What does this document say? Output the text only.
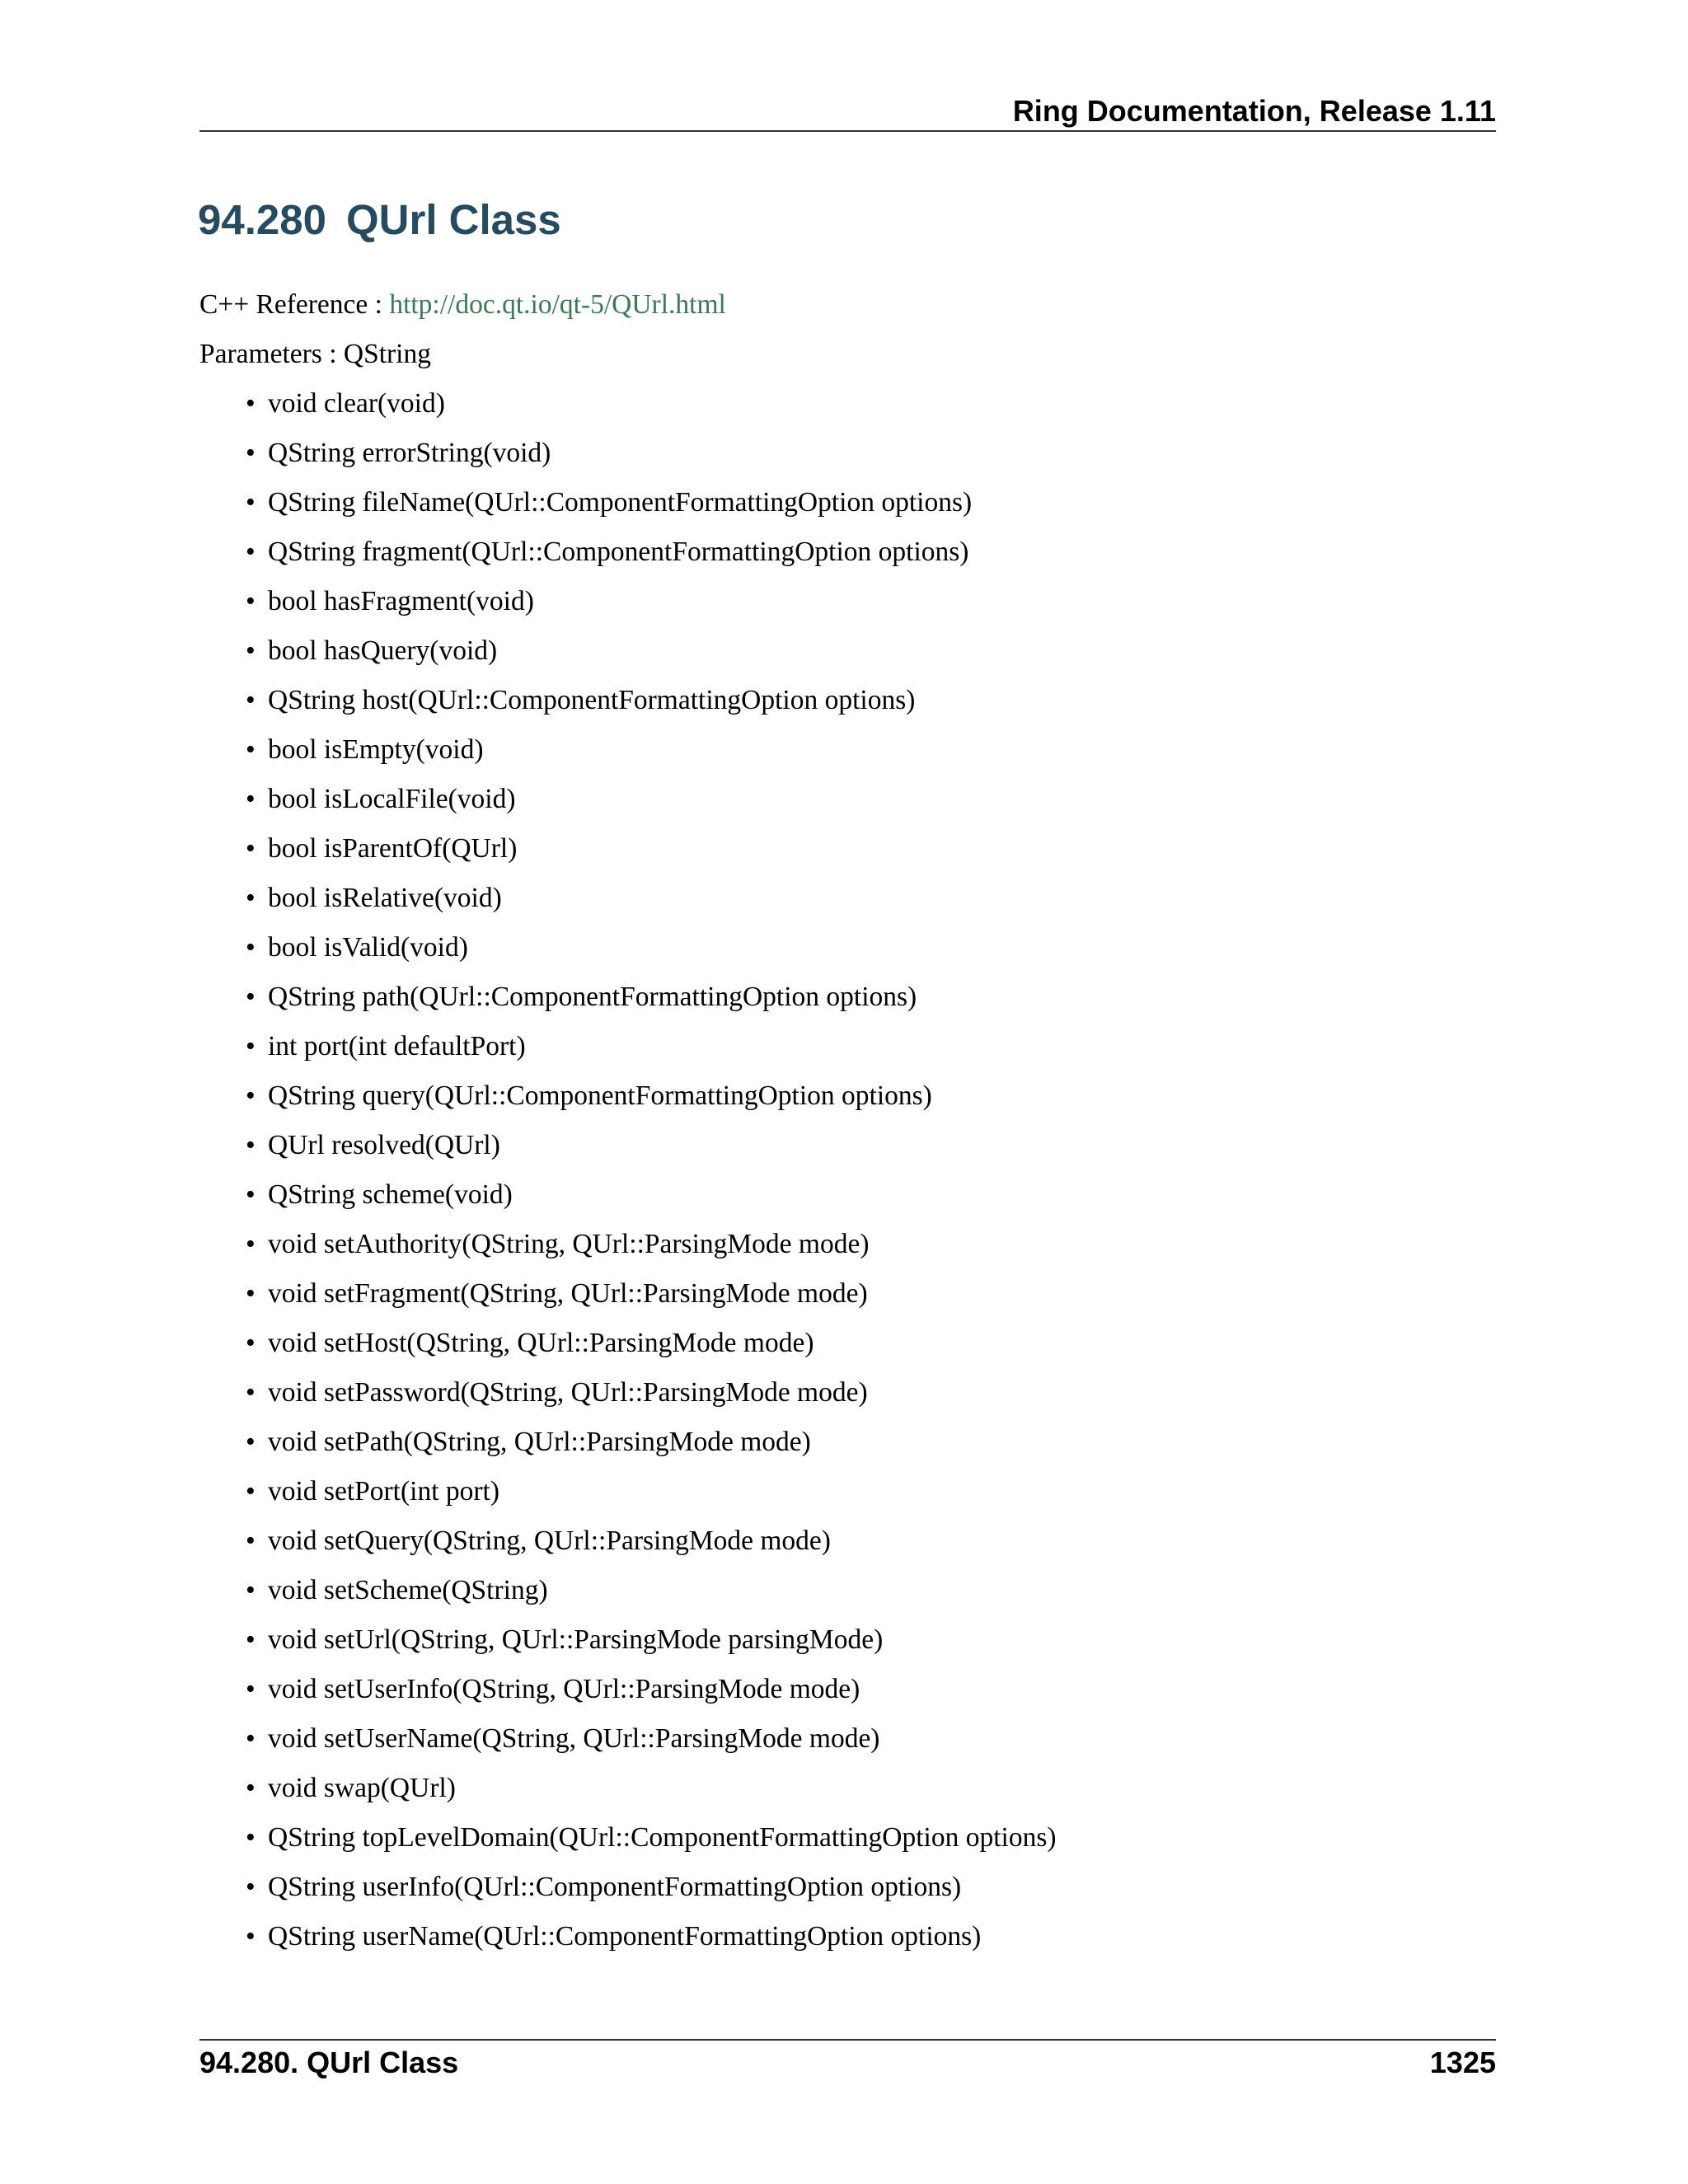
Ring Documentation, Release 1.11
94.280 QUrl Class
C++ Reference : http://doc.qt.io/qt-5/QUrl.html
Parameters : QString
• void clear(void)
• QString errorString(void)
• QString fileName(QUrl::ComponentFormattingOption options)
• QString fragment(QUrl::ComponentFormattingOption options)
• bool hasFragment(void)
• bool hasQuery(void)
• QString host(QUrl::ComponentFormattingOption options)
• bool isEmpty(void)
• bool isLocalFile(void)
• bool isParentOf(QUrl)
• bool isRelative(void)
• bool isValid(void)
• QString path(QUrl::ComponentFormattingOption options)
• int port(int defaultPort)
• QString query(QUrl::ComponentFormattingOption options)
• QUrl resolved(QUrl)
• QString scheme(void)
• void setAuthority(QString, QUrl::ParsingMode mode)
• void setFragment(QString, QUrl::ParsingMode mode)
• void setHost(QString, QUrl::ParsingMode mode)
• void setPassword(QString, QUrl::ParsingMode mode)
• void setPath(QString, QUrl::ParsingMode mode)
• void setPort(int port)
• void setQuery(QString, QUrl::ParsingMode mode)
• void setScheme(QString)
• void setUrl(QString, QUrl::ParsingMode parsingMode)
• void setUserInfo(QString, QUrl::ParsingMode mode)
• void setUserName(QString, QUrl::ParsingMode mode)
• void swap(QUrl)
• QString topLevelDomain(QUrl::ComponentFormattingOption options)
• QString userInfo(QUrl::ComponentFormattingOption options)
• QString userName(QUrl::ComponentFormattingOption options)
94.280. QUrl Class	1325
